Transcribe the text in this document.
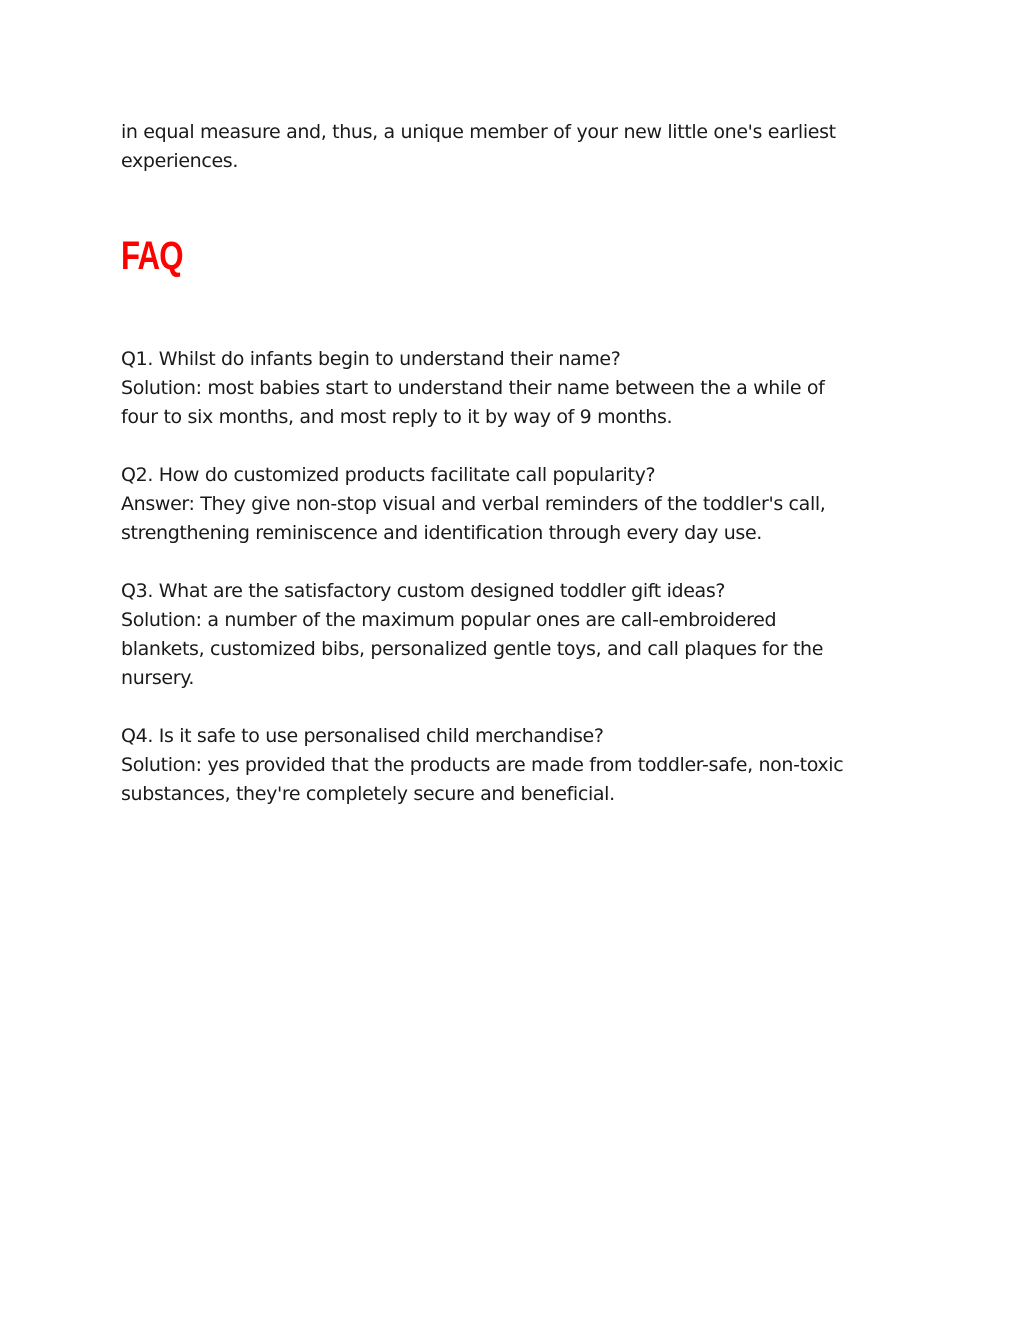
in equal measure and, thus, a unique member of your new little one's earliest
experiences.

FAQ
Q1. Whilst do infants begin to understand their name?
Solution: most babies start to understand their name between the a while of
four to six months, and most reply to it by way of 9 months.
Q2. How do customized products facilitate call popularity?
Answer: They give non-stop visual and verbal reminders of the toddler's call,
strengthening reminiscence and identification through every day use.
Q3. What are the satisfactory custom designed toddler gift ideas?
Solution: a number of the maximum popular ones are call-embroidered
blankets, customized bibs, personalized gentle toys, and call plaques for the
nursery.
Q4. Is it safe to use personalised child merchandise?
Solution: yes provided that the products are made from toddler-safe, non-toxic
substances, they're completely secure and beneficial.
